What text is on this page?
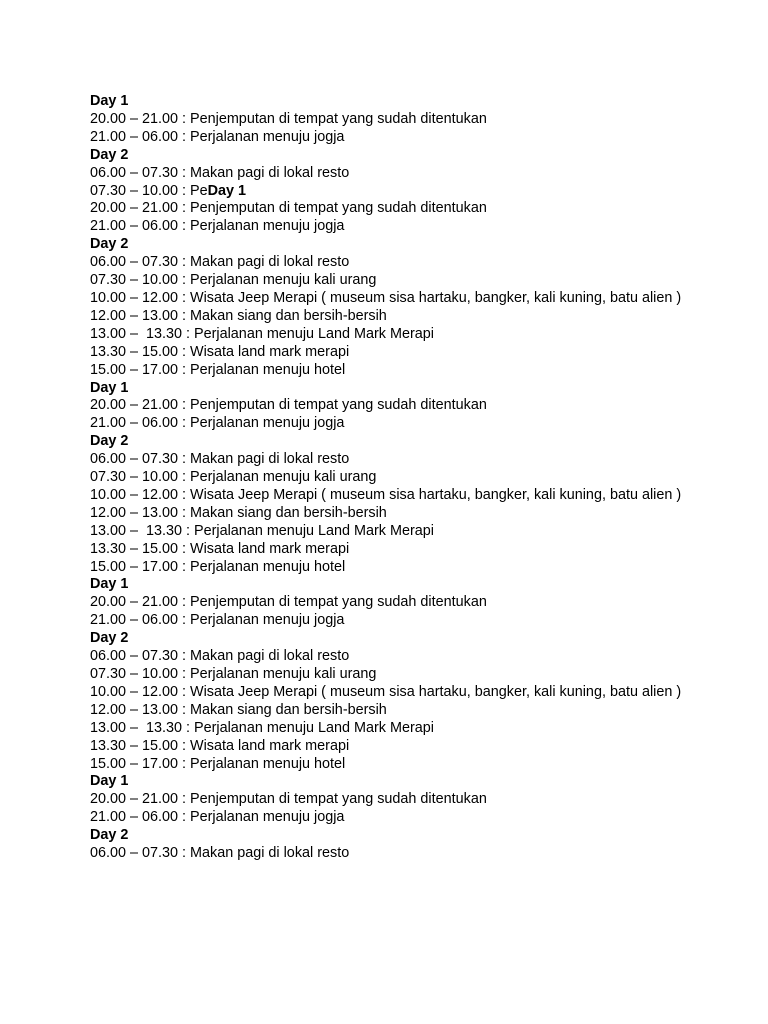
Day 1
20.00 – 21.00 : Penjemputan di tempat yang sudah ditentukan
21.00 – 06.00 : Perjalanan menuju jogja
Day 2
06.00 – 07.30 : Makan pagi di lokal resto
07.30 – 10.00 : PeDay 1
20.00 – 21.00 : Penjemputan di tempat yang sudah ditentukan
21.00 – 06.00 : Perjalanan menuju jogja
Day 2
06.00 – 07.30 : Makan pagi di lokal resto
07.30 – 10.00 : Perjalanan menuju kali urang
10.00 – 12.00 : Wisata Jeep Merapi ( museum sisa hartaku, bangker, kali kuning, batu alien )
12.00 – 13.00 : Makan siang dan bersih-bersih
13.00 –  13.30 : Perjalanan menuju Land Mark Merapi
13.30 – 15.00 : Wisata land mark merapi
15.00 – 17.00 : Perjalanan menuju hotel
Day 1
20.00 – 21.00 : Penjemputan di tempat yang sudah ditentukan
21.00 – 06.00 : Perjalanan menuju jogja
Day 2
06.00 – 07.30 : Makan pagi di lokal resto
07.30 – 10.00 : Perjalanan menuju kali urang
10.00 – 12.00 : Wisata Jeep Merapi ( museum sisa hartaku, bangker, kali kuning, batu alien )
12.00 – 13.00 : Makan siang dan bersih-bersih
13.00 –  13.30 : Perjalanan menuju Land Mark Merapi
13.30 – 15.00 : Wisata land mark merapi
15.00 – 17.00 : Perjalanan menuju hotel
Day 1
20.00 – 21.00 : Penjemputan di tempat yang sudah ditentukan
21.00 – 06.00 : Perjalanan menuju jogja
Day 2
06.00 – 07.30 : Makan pagi di lokal resto
07.30 – 10.00 : Perjalanan menuju kali urang
10.00 – 12.00 : Wisata Jeep Merapi ( museum sisa hartaku, bangker, kali kuning, batu alien )
12.00 – 13.00 : Makan siang dan bersih-bersih
13.00 –  13.30 : Perjalanan menuju Land Mark Merapi
13.30 – 15.00 : Wisata land mark merapi
15.00 – 17.00 : Perjalanan menuju hotel
Day 1
20.00 – 21.00 : Penjemputan di tempat yang sudah ditentukan
21.00 – 06.00 : Perjalanan menuju jogja
Day 2
06.00 – 07.30 : Makan pagi di lokal resto
